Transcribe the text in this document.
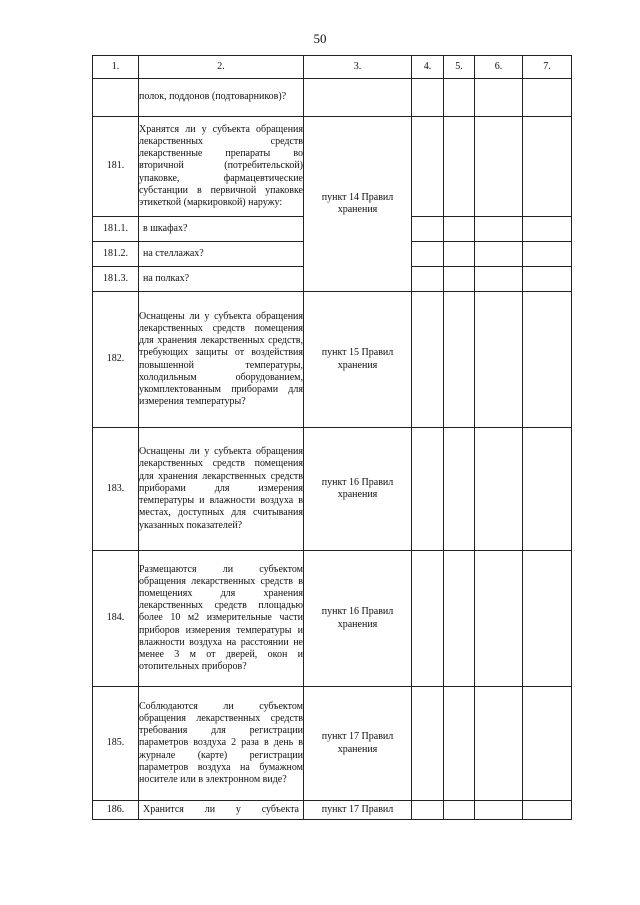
50
1.	2.	3.	4.	5.	6.	7.
	полок, поддонов (подтоварников)?					
181.	Хранятся ли у субъекта обращения лекарственных средств лекарственные препараты во вторичной (потребительской) упаковке, фармацевтические субстанции в первичной упаковке этикеткой (маркировкой) наружу:	пункт 14 Правил хранения				
181.1.	в шкафах?					
181.2.	на стеллажах?					
181.3.	на полках?					
182.	Оснащены ли у субъекта обращения лекарственных средств помещения для хранения лекарственных средств, требующих защиты от воздействия повышенной температуры, холодильным оборудованием, укомплектованным приборами для измерения температуры?	пункт 15 Правил хранения				
183.	Оснащены ли у субъекта обращения лекарственных средств помещения для хранения лекарственных средств приборами для измерения температуры и влажности воздуха в местах, доступных для считывания указанных показателей?	пункт 16 Правил хранения				
184.	Размещаются ли субъектом обращения лекарственных средств в помещениях для хранения лекарственных средств площадью более 10 м2 измерительные части приборов измерения температуры и влажности воздуха на расстоянии не менее 3 м от дверей, окон и отопительных приборов?	пункт 16 Правил хранения				
185.	Соблюдаются ли субъектом обращения лекарственных средств требования для регистрации параметров воздуха 2 раза в день в журнале (карте) регистрации параметров воздуха на бумажном носителе или в электронном виде?	пункт 17 Правил хранения				
186.	Хранится ли у субъекта	пункт 17 Правил				
